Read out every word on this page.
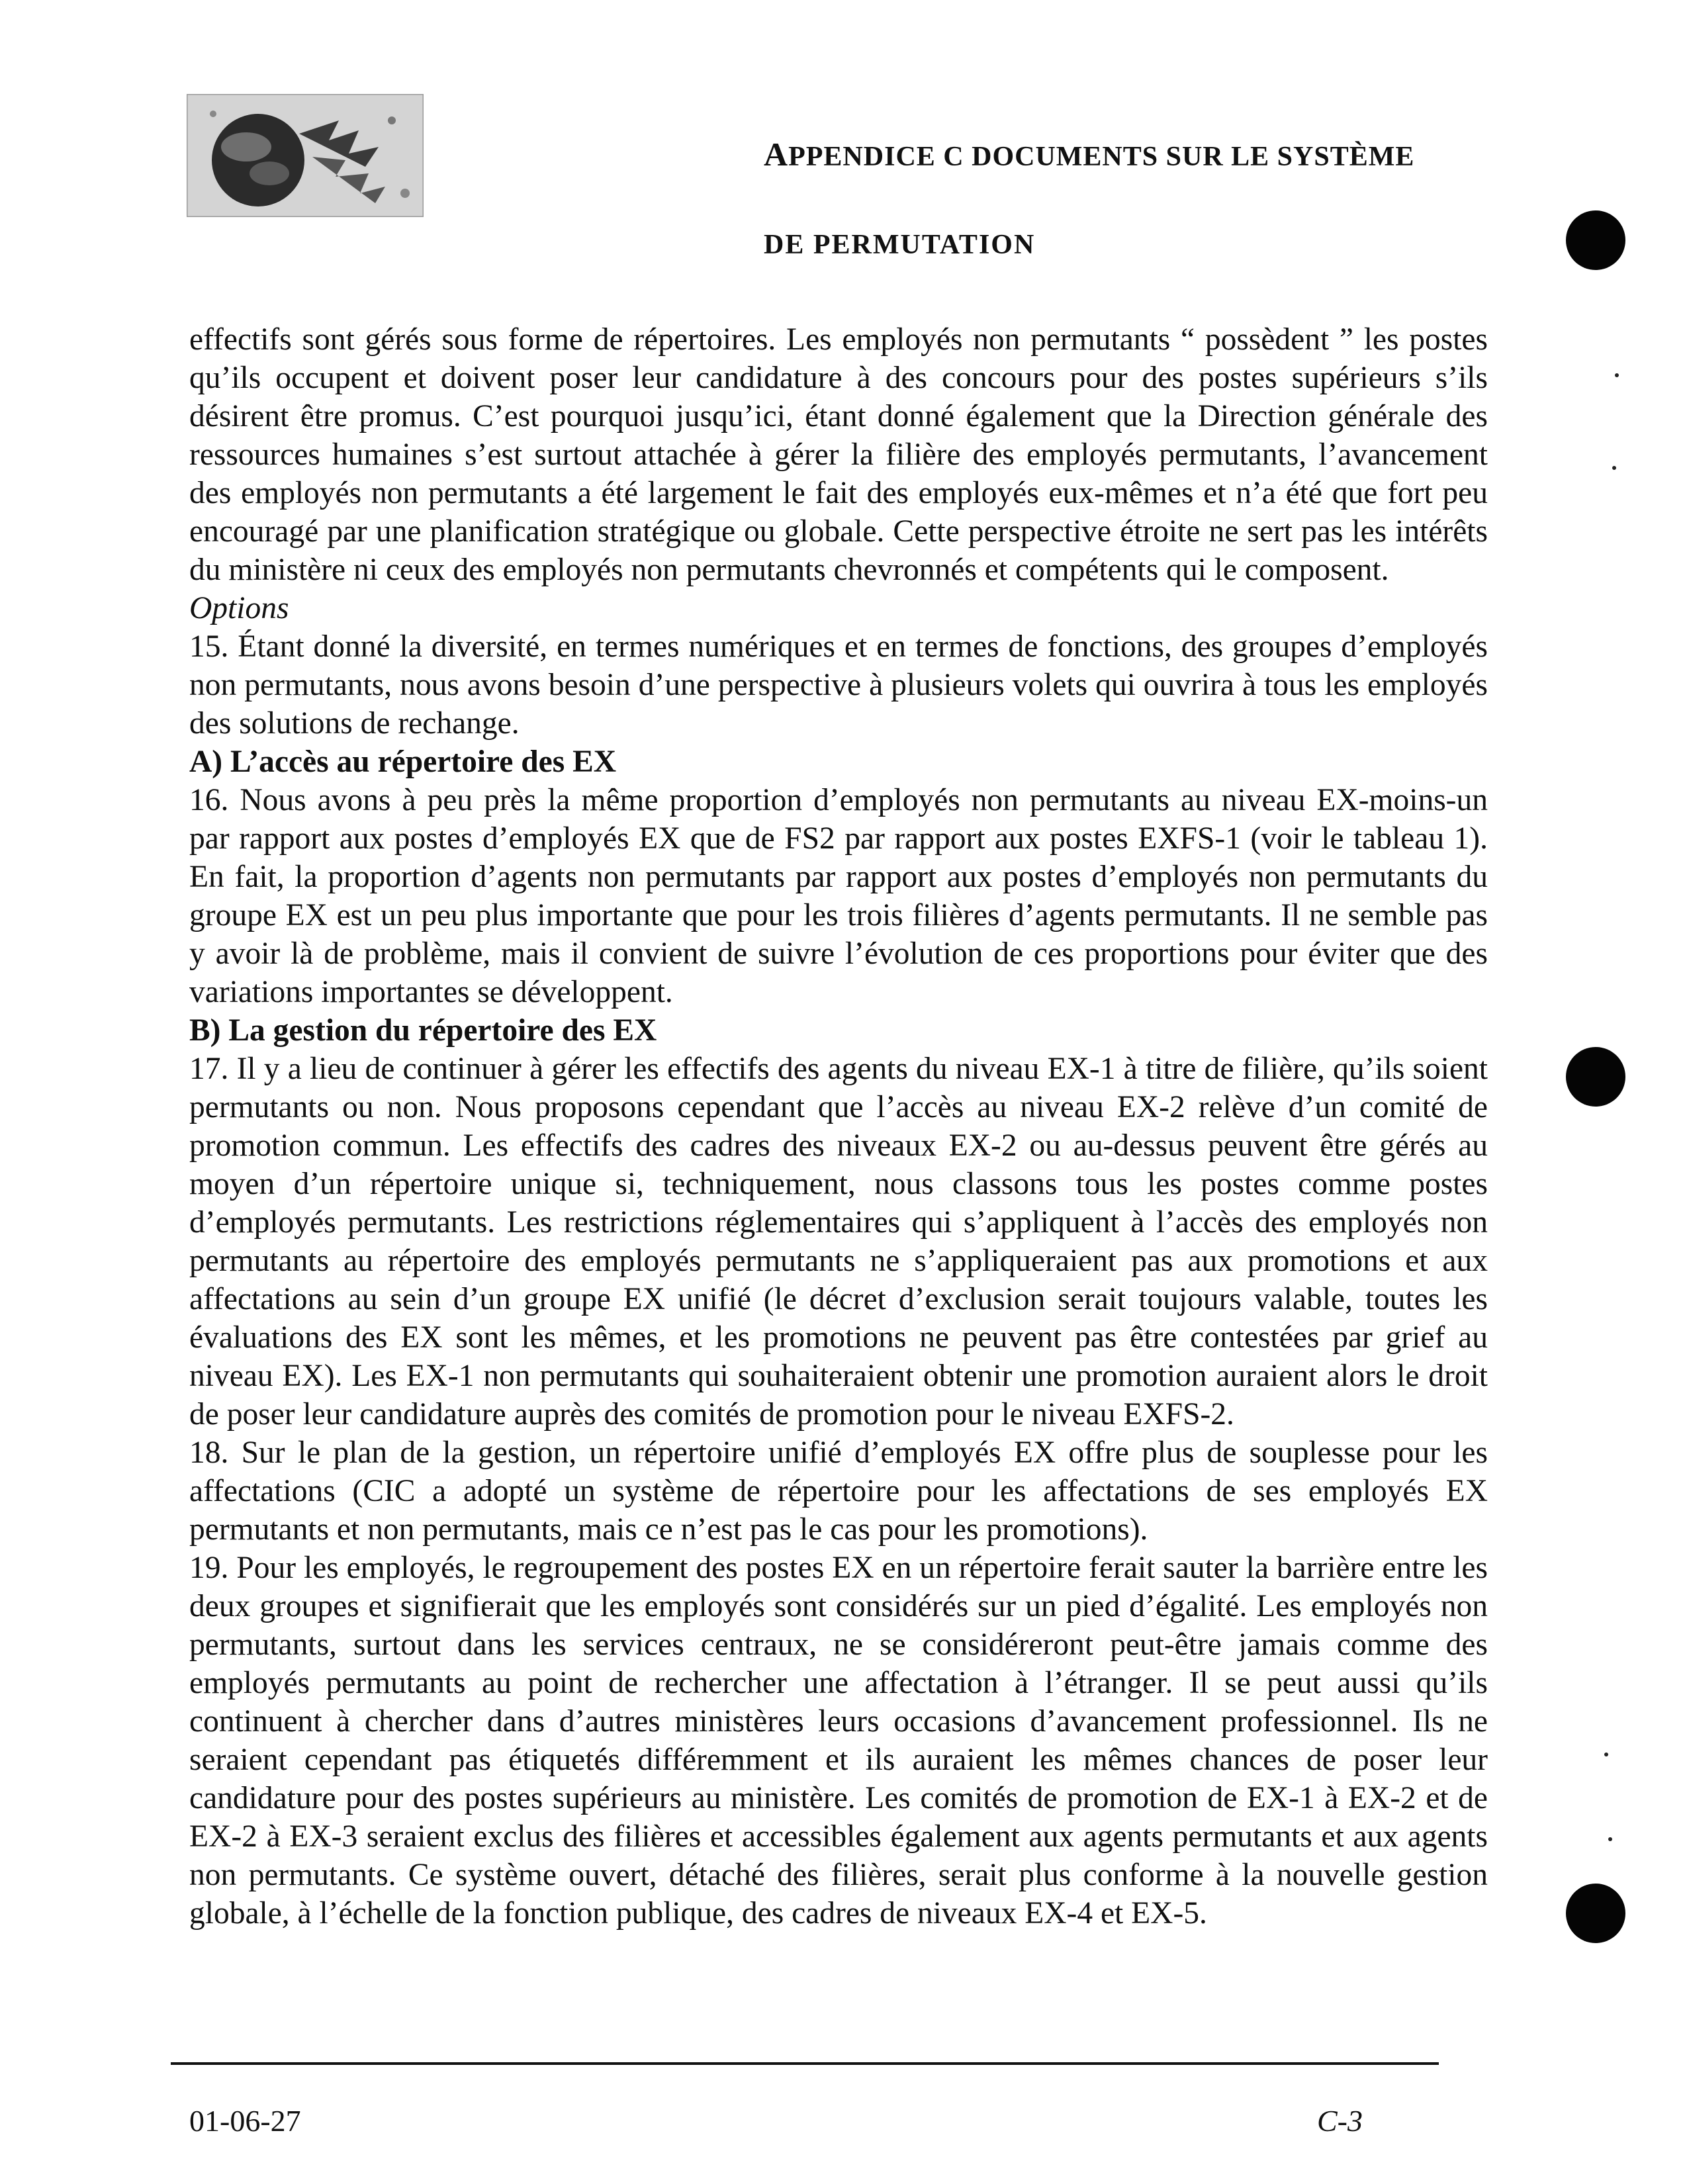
APPENDICE C DOCUMENTS SUR LE SYSTÈME
DE PERMUTATION

effectifs sont gérés sous forme de répertoires. Les employés non permutants “ possèdent ” les postes qu’ils occupent et doivent poser leur candidature à des concours pour des postes supérieurs s’ils désirent être promus. C’est pourquoi jusqu’ici, étant donné également que la Direction générale des ressources humaines s’est surtout attachée à gérer la filière des employés permutants, l’avancement des employés non permutants a été largement le fait des employés eux-mêmes et n’a été que fort peu encouragé par une planification stratégique ou globale. Cette perspective étroite ne sert pas les intérêts du ministère ni ceux des employés non permutants chevronnés et compétents qui le composent.

Options

15. Étant donné la diversité, en termes numériques et en termes de fonctions, des groupes d’employés non permutants, nous avons besoin d’une perspective à plusieurs volets qui ouvrira à tous les employés des solutions de rechange.

A) L’accès au répertoire des EX

16. Nous avons à peu près la même proportion d’employés non permutants au niveau EX-moins-un par rapport aux postes d’employés EX que de FS2 par rapport aux postes EXFS-1 (voir le tableau 1). En fait, la proportion d’agents non permutants par rapport aux postes d’employés non permutants du groupe EX est un peu plus importante que pour les trois filières d’agents permutants. Il ne semble pas y avoir là de problème, mais il convient de suivre l’évolution de ces proportions pour éviter que des variations importantes se développent.

B) La gestion du répertoire des EX

17. Il y a lieu de continuer à gérer les effectifs des agents du niveau EX-1 à titre de filière, qu’ils soient permutants ou non. Nous proposons cependant que l’accès au niveau EX-2 relève d’un comité de promotion commun. Les effectifs des cadres des niveaux EX-2 ou au-dessus peuvent être gérés au moyen d’un répertoire unique si, techniquement, nous classons tous les postes comme postes d’employés permutants. Les restrictions réglementaires qui s’appliquent à l’accès des employés non permutants au répertoire des employés permutants ne s’appliqueraient pas aux promotions et aux affectations au sein d’un groupe EX unifié (le décret d’exclusion serait toujours valable, toutes les évaluations des EX sont les mêmes, et les promotions ne peuvent pas être contestées par grief au niveau EX). Les EX-1 non permutants qui souhaiteraient obtenir une promotion auraient alors le droit de poser leur candidature auprès des comités de promotion pour le niveau EXFS-2.

18. Sur le plan de la gestion, un répertoire unifié d’employés EX offre plus de souplesse pour les affectations (CIC a adopté un système de répertoire pour les affectations de ses employés EX permutants et non permutants, mais ce n’est pas le cas pour les promotions).

19. Pour les employés, le regroupement des postes EX en un répertoire ferait sauter la barrière entre les deux groupes et signifierait que les employés sont considérés sur un pied d’égalité. Les employés non permutants, surtout dans les services centraux, ne se considéreront peut-être jamais comme des employés permutants au point de rechercher une affectation à l’étranger. Il se peut aussi qu’ils continuent à chercher dans d’autres ministères leurs occasions d’avancement professionnel. Ils ne seraient cependant pas étiquetés différemment et ils auraient les mêmes chances de poser leur candidature pour des postes supérieurs au ministère. Les comités de promotion de EX-1 à EX-2 et de EX-2 à EX-3 seraient exclus des filières et accessibles également aux agents permutants et aux agents non permutants. Ce système ouvert, détaché des filières, serait plus conforme à la nouvelle gestion globale, à l’échelle de la fonction publique, des cadres de niveaux EX-4 et EX-5.

01-06-27	C-3
